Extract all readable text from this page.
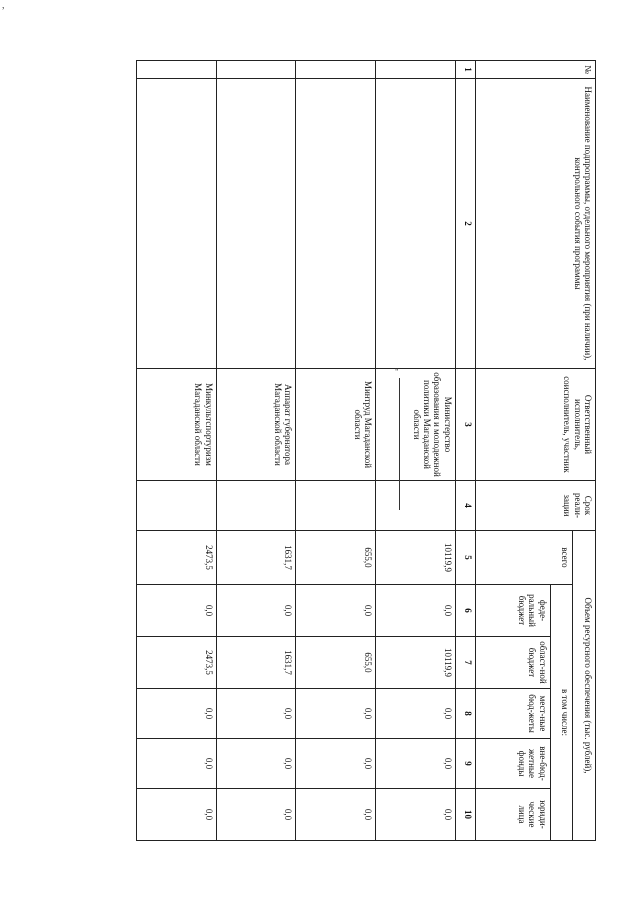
,
№	Наименование подпрограммы, отдельного мероприятия (при наличии), контрольного события программы	Ответственный исполнитель, соисполнитель, участник	Срок реали-зации	Объем ресурсного обеспечения (тыс. рублей),					
				всего	в том числе:				
					феде-ральный бюджет	област-ной бюджет	мест-ные бюд-жеты	вне-бюд-жетные фонды	юриди-ческие лица
1	2	3	4	5	6	7	8	9	10
		Министерство образования и молодежной политики Магаданской области		10119,9	0,0	10119,9	0,0	0,0	0,0
		Минтруд Магаданской области		655,0	0,0	655,0	0,0	0,0	0,0
		Аппарат губернатора Магаданской области		1631,7	0,0	1631,7	0,0	0,0	0,0
		Минкультспортуризм Магаданской области		2473,5	0,0	2473,5	0,0	0,0	0,0
"
